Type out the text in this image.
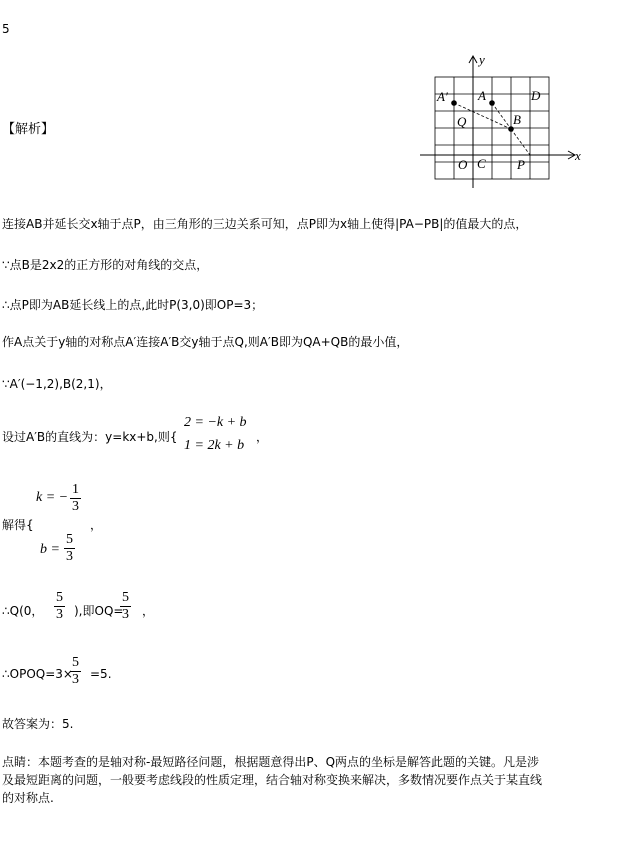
5
【解析】
y
x
A′ A	D
Q	B
O C P
连接AB并延长交x轴于点P，由三角形的三边关系可知，点P即为x轴上使得|PA−PB|的值最大的点，
∵点B是2x2的正方形的对角线的交点，
∴点P即为AB延长线上的点,此时P(3,0)即OP=3；
作A点关于y轴的对称点A′连接A′B交y轴于点Q,则A′B即为QA+QB的最小值，
∵A′(−1,2),B(2,1)，
设过A′B的直线为：y=kx+b,则{
2 = −k + b
1 = 2k + b
，
k = − $\frac{1}{3}$
解得{	，
$b = \frac{5}{3}$
∴Q(0， $\frac{5}{3}$ ),即OQ=
$\frac{5}{3}$ ，
∴OPOQ=3×
$\frac{5}{3} =5$.
故答案为：5.
点睛：本题考查的是轴对称-最短路径问题，根据题意得出P、Q两点的坐标是解答此题的关键。凡是涉
及最短距离的问题，一般要考虑线段的性质定理，结合轴对称变换来解决，多数情况要作点关于某直线
的对称点.
